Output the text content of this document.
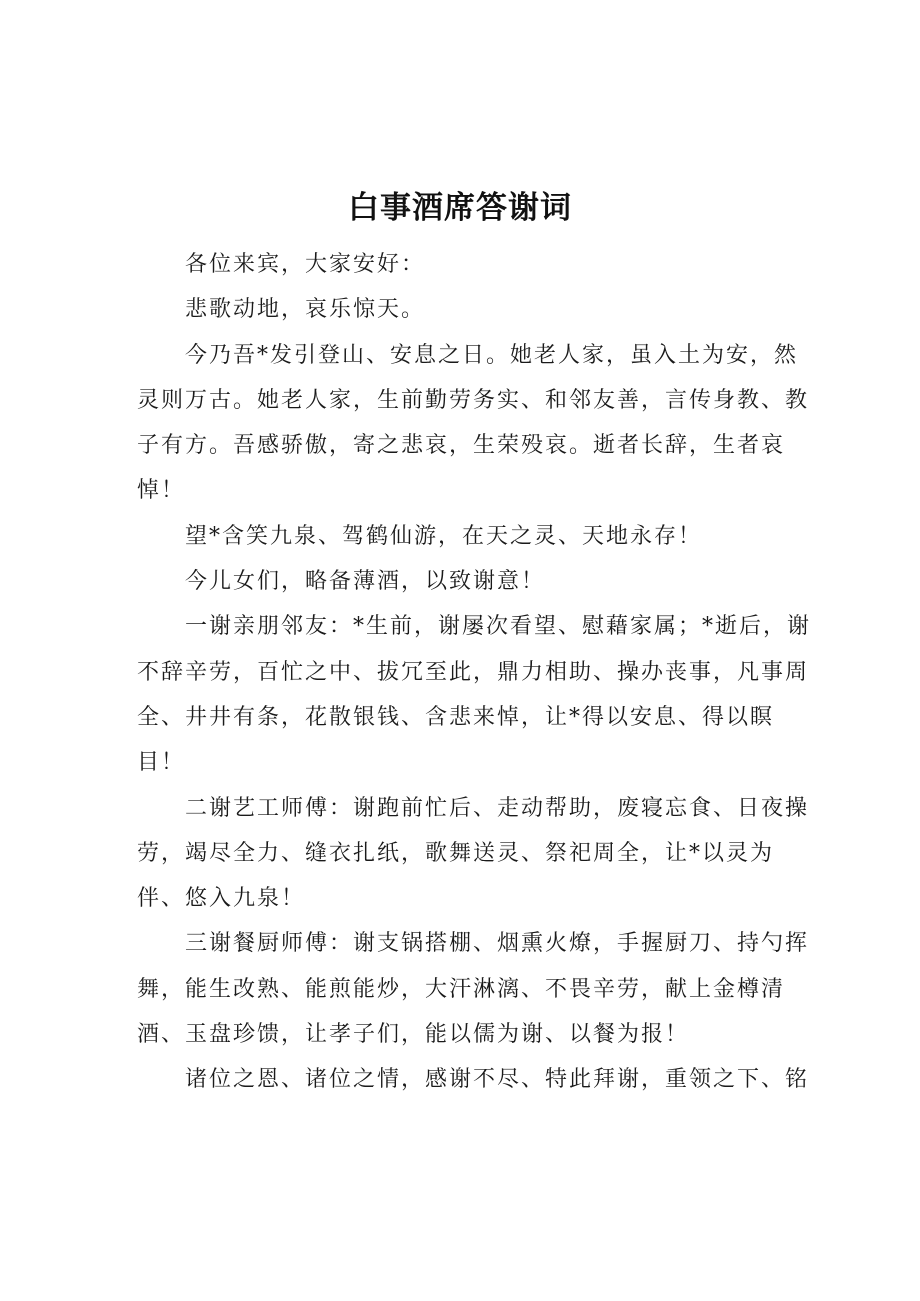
白事酒席答谢词

各位来宾，大家安好：

悲歌动地，哀乐惊天。

今乃吾*发引登山、安息之日。她老人家，虽入土为安，然灵则万古。她老人家，生前勤劳务实、和邻友善，言传身教、教子有方。吾感骄傲，寄之悲哀，生荣殁哀。逝者长辞，生者哀悼！

望*含笑九泉、驾鹤仙游，在天之灵、天地永存！

今儿女们，略备薄酒，以致谢意！

一谢亲朋邻友：*生前，谢屡次看望、慰藉家属；*逝后，谢不辞辛劳，百忙之中、拔冗至此，鼎力相助、操办丧事，凡事周全、井井有条，花散银钱、含悲来悼，让*得以安息、得以瞑目！

二谢艺工师傅：谢跑前忙后、走动帮助，废寝忘食、日夜操劳，竭尽全力、缝衣扎纸，歌舞送灵、祭祀周全，让*以灵为伴、悠入九泉！

三谢餐厨师傅：谢支锅搭棚、烟熏火燎，手握厨刀、持勺挥舞，能生改熟、能煎能炒，大汗淋漓、不畏辛劳，献上金樽清酒、玉盘珍馈，让孝子们，能以儒为谢、以餐为报！

诸位之恩、诸位之情，感谢不尽、特此拜谢，重领之下、铭
